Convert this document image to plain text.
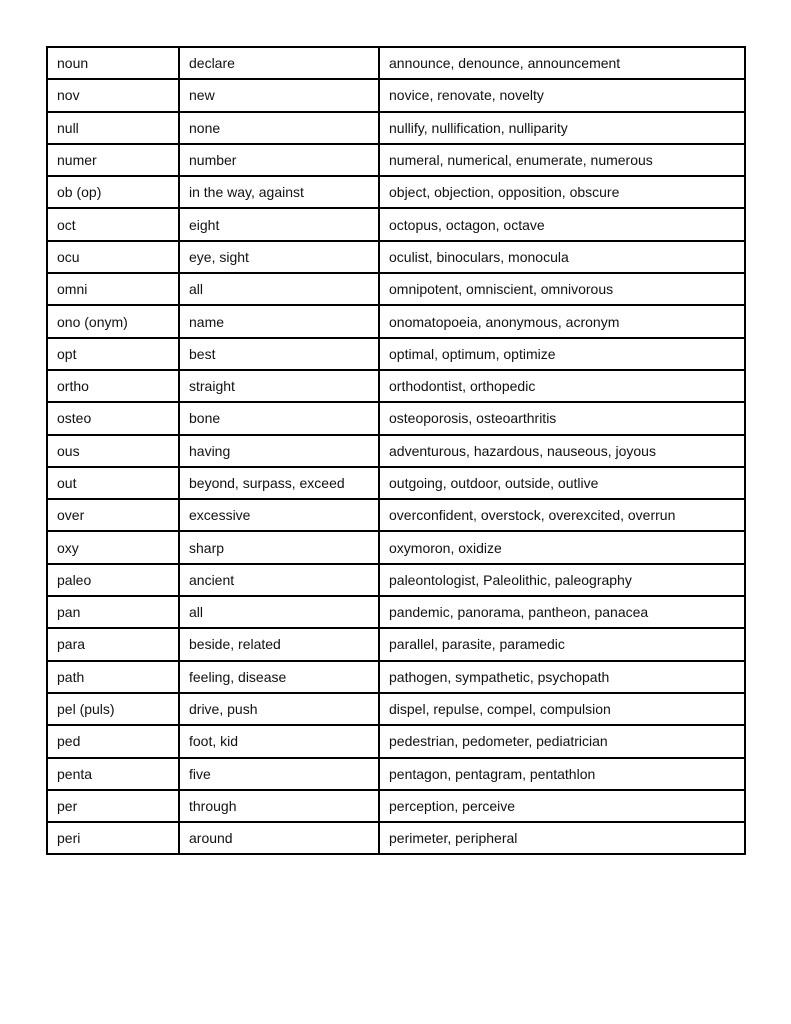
noun	declare	announce, denounce, announcement
nov	new	novice, renovate, novelty
null	none	nullify, nullification, nulliparity
numer	number	numeral, numerical, enumerate, numerous
ob (op)	in the way, against	object, objection, opposition, obscure
oct	eight	octopus, octagon, octave
ocu	eye, sight	oculist, binoculars, monocula
omni	all	omnipotent, omniscient, omnivorous
ono (onym)	name	onomatopoeia, anonymous, acronym
opt	best	optimal, optimum, optimize
ortho	straight	orthodontist, orthopedic
osteo	bone	osteoporosis, osteoarthritis
ous	having	adventurous, hazardous, nauseous, joyous
out	beyond, surpass, exceed	outgoing, outdoor, outside, outlive
over	excessive	overconfident, overstock, overexcited, overrun
oxy	sharp	oxymoron, oxidize
paleo	ancient	paleontologist, Paleolithic, paleography
pan	all	pandemic, panorama, pantheon, panacea
para	beside, related	parallel, parasite, paramedic
path	feeling, disease	pathogen, sympathetic, psychopath
pel (puls)	drive, push	dispel, repulse, compel, compulsion
ped	foot, kid	pedestrian, pedometer, pediatrician
penta	five	pentagon, pentagram, pentathlon
per	through	perception, perceive
peri	around	perimeter, peripheral
